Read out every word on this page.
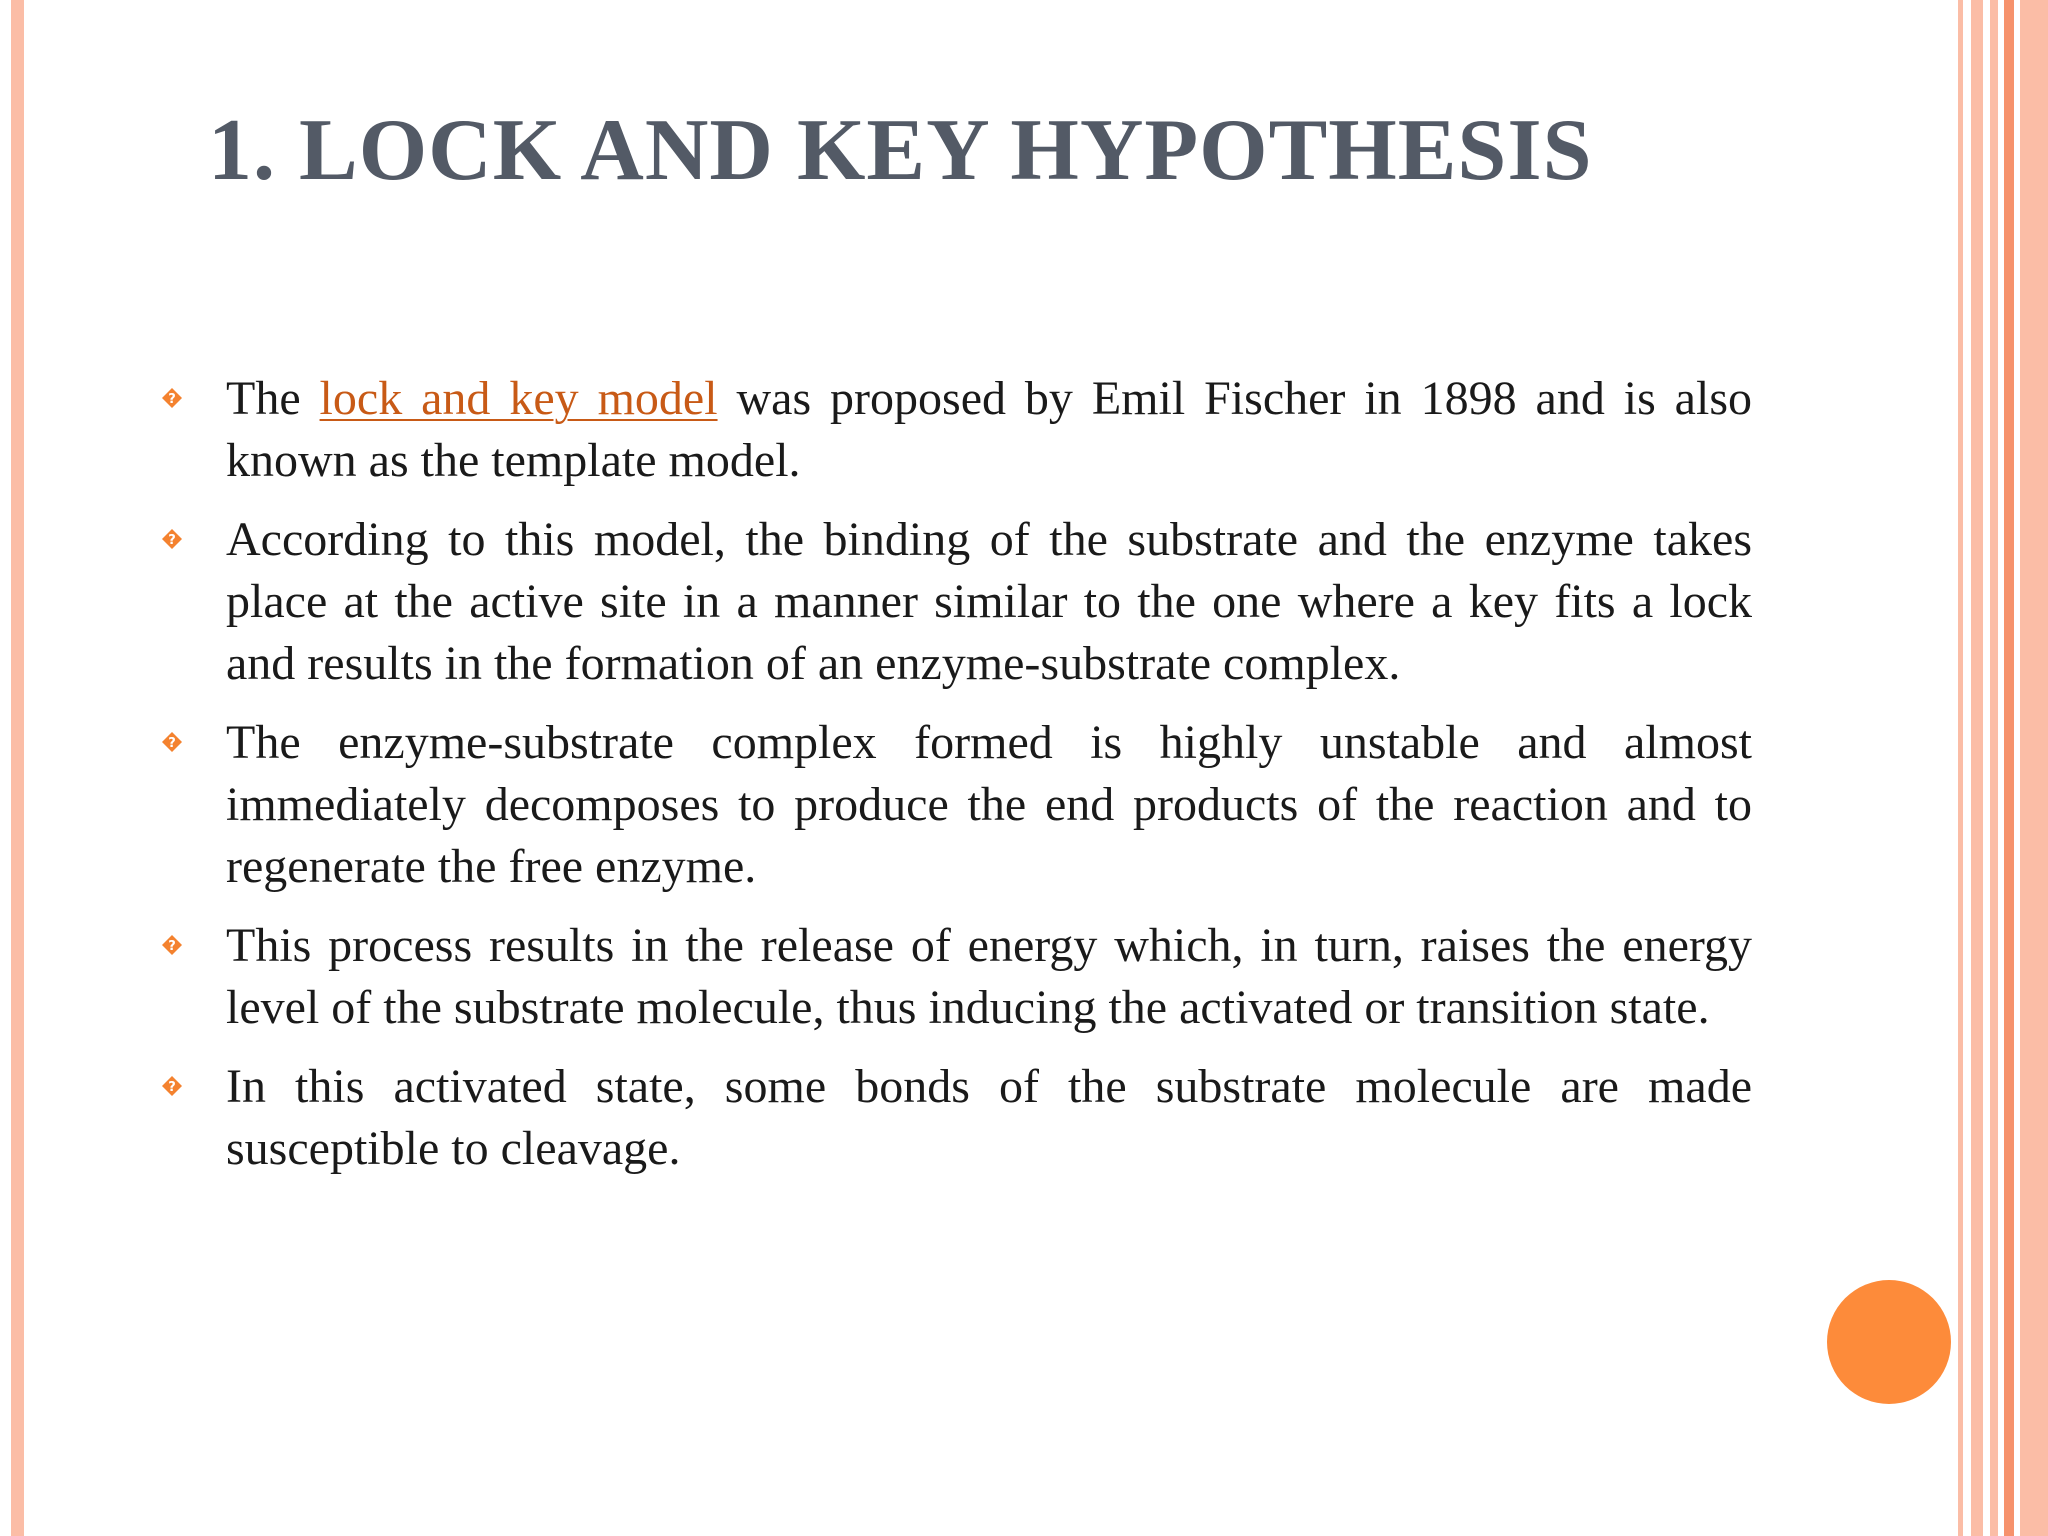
1. LOCK AND KEY HYPOTHESIS
? The lock and key model was proposed by Emil Fischer in 1898 and is also known as the template model.
? According to this model, the binding of the substrate and the enzyme takes place at the active site in a manner similar to the one where a key fits a lock and results in the formation of an enzyme-substrate complex.
? The enzyme-substrate complex formed is highly unstable and almost immediately decomposes to produce the end products of the reaction and to regenerate the free enzyme.
? This process results in the release of energy which, in turn, raises the energy level of the substrate molecule, thus inducing the activated or transition state.
? In this activated state, some bonds of the substrate molecule are made susceptible to cleavage.
